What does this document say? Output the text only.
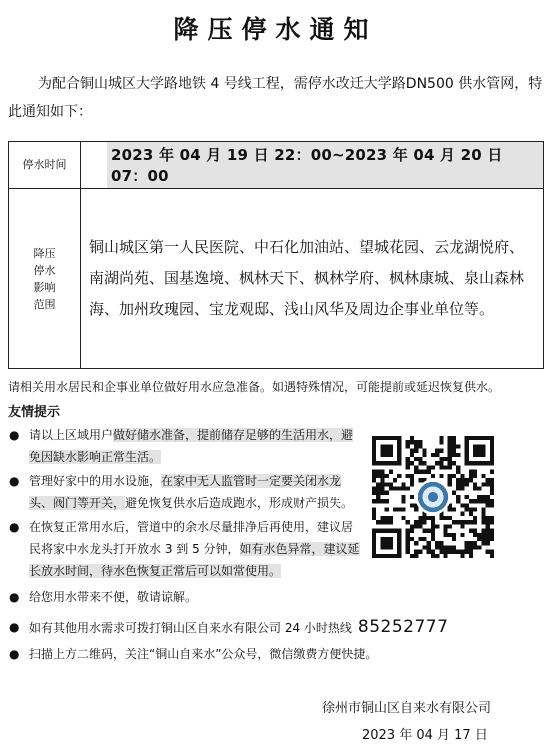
降压停水通知

为配合铜山城区大学路地铁 4 号线工程，需停水改迁大学路DN500 供水管网，特此通知如下：

停水时间	2023 年 04 月 19 日 22：00~2023 年 04 月 20 日 07：00

降压
停水
影响
范围	铜山城区第一人民医院、中石化加油站、望城花园、云龙湖悦府、南湖尚苑、国基逸境、枫林天下、枫林学府、枫林康城、泉山森林海、加州玫瑰园、宝龙观邸、浅山风华及周边企事业单位等。
请相关用水居民和企事业单位做好用水应急准备。如遇特殊情况，可能提前或延迟恢复供水。
友情提示
● 请以上区域用户做好储水准备，提前储存足够的生活用水，避免因缺水影响正常生活。
● 管理好家中的用水设施，在家中无人监管时一定要关闭水龙头、阀门等开关，避免恢复供水后造成跑水，形成财产损失。
● 在恢复正常用水后，管道中的余水尽量排净后再使用，建议居民将家中水龙头打开放水 3 到 5 分钟，如有水色异常，建议延长放水时间，待水色恢复正常后可以如常使用。
● 给您用水带来不便，敬请谅解。
● 如有其他用水需求可拨打铜山区自来水有限公司 24 小时热线 85252777
● 扫描上方二维码，关注“铜山自来水”公众号，微信缴费方便快捷。
徐州市铜山区自来水有限公司
2023 年 04 月 17 日
